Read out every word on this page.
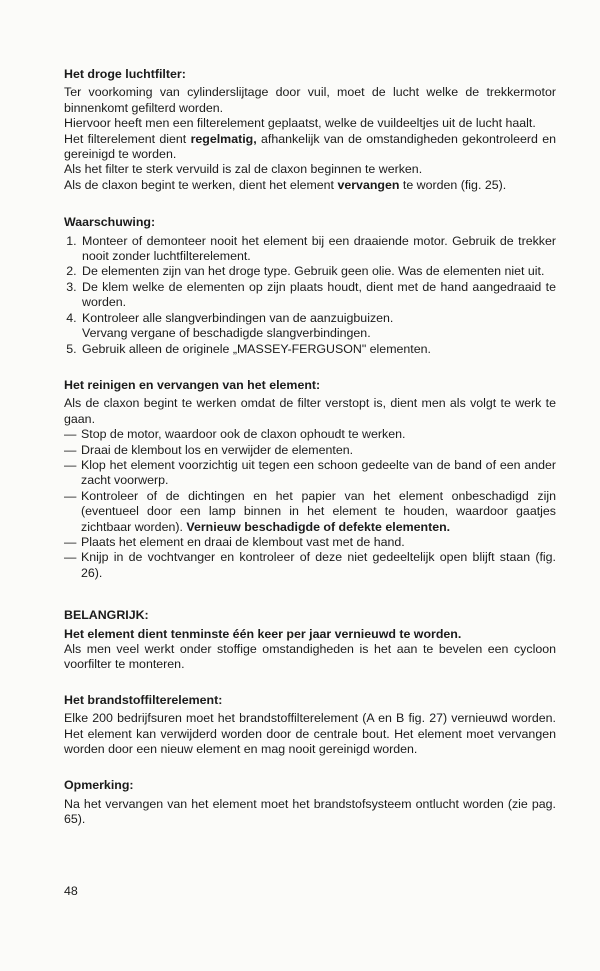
Het droge luchtfilter:

Ter voorkoming van cylinderslijtage door vuil, moet de lucht welke de trekkermotor binnenkomt gefilterd worden.

Hiervoor heeft men een filterelement geplaatst, welke de vuildeeltjes uit de lucht haalt.

Het filterelement dient regelmatig, afhankelijk van de omstandigheden gekontroleerd en gereinigd te worden.

Als het filter te sterk vervuild is zal de claxon beginnen te werken.

Als de claxon begint te werken, dient het element vervangen te worden (fig. 25).

Waarschuwing:
1. Monteer of demonteer nooit het element bij een draaiende motor. Gebruik de trekker nooit zonder luchtfilterelement.
2. De elementen zijn van het droge type. Gebruik geen olie. Was de elementen niet uit.
3. De klem welke de elementen op zijn plaats houdt, dient met de hand aangedraaid te worden.
4. Kontroleer alle slangverbindingen van de aanzuigbuizen.
Vervang vergane of beschadigde slangverbindingen.
5. Gebruik alleen de originele „MASSEY-FERGUSON" elementen.
Het reinigen en vervangen van het element:

Als de claxon begint te werken omdat de filter verstopt is, dient men als volgt te werk te gaan.

— Stop de motor, waardoor ook de claxon ophoudt te werken.
— Draai de klembout los en verwijder de elementen.
— Klop het element voorzichtig uit tegen een schoon gedeelte van de band of een ander zacht voorwerp.
— Kontroleer of de dichtingen en het papier van het element onbeschadigd zijn (eventueel door een lamp binnen in het element te houden, waardoor gaatjes zichtbaar worden). Vernieuw beschadigde of defekte elementen.
— Plaats het element en draai de klembout vast met de hand.
— Knijp in de vochtvanger en kontroleer of deze niet gedeeltelijk open blijft staan (fig. 26).
BELANGRIJK:

Het element dient tenminste één keer per jaar vernieuwd te worden.

Als men veel werkt onder stoffige omstandigheden is het aan te bevelen een cycloon voorfilter te monteren.

Het brandstoffilterelement:

Elke 200 bedrijfsuren moet het brandstoffilterelement (A en B fig. 27) vernieuwd worden. Het element kan verwijderd worden door de centrale bout. Het element moet vervangen worden door een nieuw element en mag nooit gereinigd worden.

Opmerking:

Na het vervangen van het element moet het brandstofsysteem ontlucht worden (zie pag. 65).

48
